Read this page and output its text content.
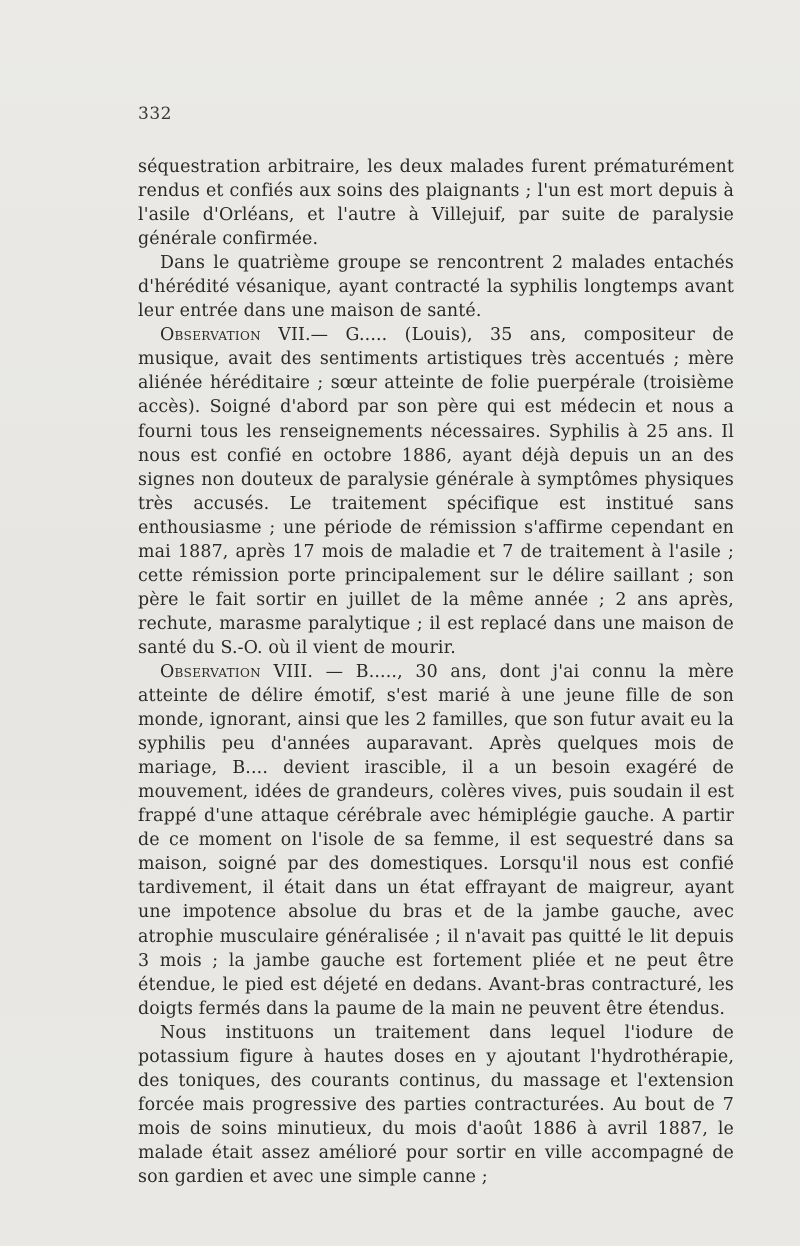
332

séquestration arbitraire, les deux malades furent prématurément rendus et confiés aux soins des plaignants ; l'un est mort depuis à l'asile d'Orléans, et l'autre à Villejuif, par suite de paralysie générale confirmée.

Dans le quatrième groupe se rencontrent 2 malades entachés d'hérédité vésanique, ayant contracté la syphilis longtemps avant leur entrée dans une maison de santé.

Observation VII.— G..... (Louis), 35 ans, compositeur de musique, avait des sentiments artistiques très accentués ; mère aliénée héréditaire ; sœur atteinte de folie puerpérale (troisième accès). Soigné d'abord par son père qui est médecin et nous a fourni tous les renseignements nécessaires. Syphilis à 25 ans. Il nous est confié en octobre 1886, ayant déjà depuis un an des signes non douteux de paralysie générale à symptômes physiques très accusés. Le traitement spécifique est institué sans enthousiasme ; une période de rémission s'affirme cependant en mai 1887, après 17 mois de maladie et 7 de traitement à l'asile ; cette rémission porte principalement sur le délire saillant ; son père le fait sortir en juillet de la même année ; 2 ans après, rechute, marasme paralytique ; il est replacé dans une maison de santé du S.-O. où il vient de mourir.

Observation VIII. — B....., 30 ans, dont j'ai connu la mère atteinte de délire émotif, s'est marié à une jeune fille de son monde, ignorant, ainsi que les 2 familles, que son futur avait eu la syphilis peu d'années auparavant. Après quelques mois de mariage, B.... devient irascible, il a un besoin exagéré de mouvement, idées de grandeurs, colères vives, puis soudain il est frappé d'une attaque cérébrale avec hémiplégie gauche. A partir de ce moment on l'isole de sa femme, il est sequestré dans sa maison, soigné par des domestiques. Lorsqu'il nous est confié tardivement, il était dans un état effrayant de maigreur, ayant une impotence absolue du bras et de la jambe gauche, avec atrophie musculaire généralisée ; il n'avait pas quitté le lit depuis 3 mois ; la jambe gauche est fortement pliée et ne peut être étendue, le pied est déjeté en dedans. Avant-bras contracturé, les doigts fermés dans la paume de la main ne peuvent être étendus.

Nous instituons un traitement dans lequel l'iodure de potassium figure à hautes doses en y ajoutant l'hydrothérapie, des toniques, des courants continus, du massage et l'extension forcée mais progressive des parties contracturées. Au bout de 7 mois de soins minutieux, du mois d'août 1886 à avril 1887, le malade était assez amélioré pour sortir en ville accompagné de son gardien et avec une simple canne ;
